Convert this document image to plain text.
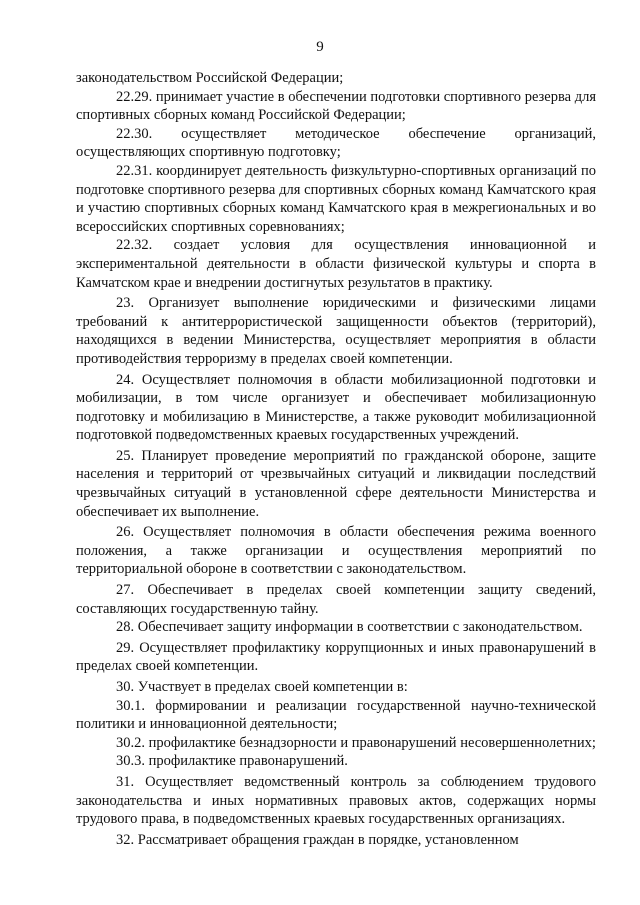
9

законодательством Российской Федерации;

22.29. принимает участие в обеспечении подготовки спортивного резерва для спортивных сборных команд Российской Федерации;

22.30. осуществляет методическое обеспечение организаций, осуществляющих спортивную подготовку;

22.31. координирует деятельность физкультурно-спортивных организаций по подготовке спортивного резерва для спортивных сборных команд Камчатского края и участию спортивных сборных команд Камчатского края в межрегиональных и во всероссийских спортивных соревнованиях;

22.32. создает условия для осуществления инновационной и экспериментальной деятельности в области физической культуры и спорта в Камчатском крае и внедрении достигнутых результатов в практику.

23. Организует выполнение юридическими и физическими лицами требований к антитеррористической защищенности объектов (территорий), находящихся в ведении Министерства, осуществляет мероприятия в области противодействия терроризму в пределах своей компетенции.

24. Осуществляет полномочия в области мобилизационной подготовки и мобилизации, в том числе организует и обеспечивает мобилизационную подготовку и мобилизацию в Министерстве, а также руководит мобилизационной подготовкой подведомственных краевых государственных учреждений.

25. Планирует проведение мероприятий по гражданской обороне, защите населения и территорий от чрезвычайных ситуаций и ликвидации последствий чрезвычайных ситуаций в установленной сфере деятельности Министерства и обеспечивает их выполнение.

26. Осуществляет полномочия в области обеспечения режима военного положения, а также организации и осуществления мероприятий по территориальной обороне в соответствии с законодательством.

27. Обеспечивает в пределах своей компетенции защиту сведений, составляющих государственную тайну.

28. Обеспечивает защиту информации в соответствии с законодательством.

29. Осуществляет профилактику коррупционных и иных правонарушений в пределах своей компетенции.

30. Участвует в пределах своей компетенции в:

30.1. формировании и реализации государственной научно-технической политики и инновационной деятельности;

30.2. профилактике безнадзорности и правонарушений несовершеннолетних;

30.3. профилактике правонарушений.

31. Осуществляет ведомственный контроль за соблюдением трудового законодательства и иных нормативных правовых актов, содержащих нормы трудового права, в подведомственных краевых государственных организациях.

32. Рассматривает обращения граждан в порядке, установленном
